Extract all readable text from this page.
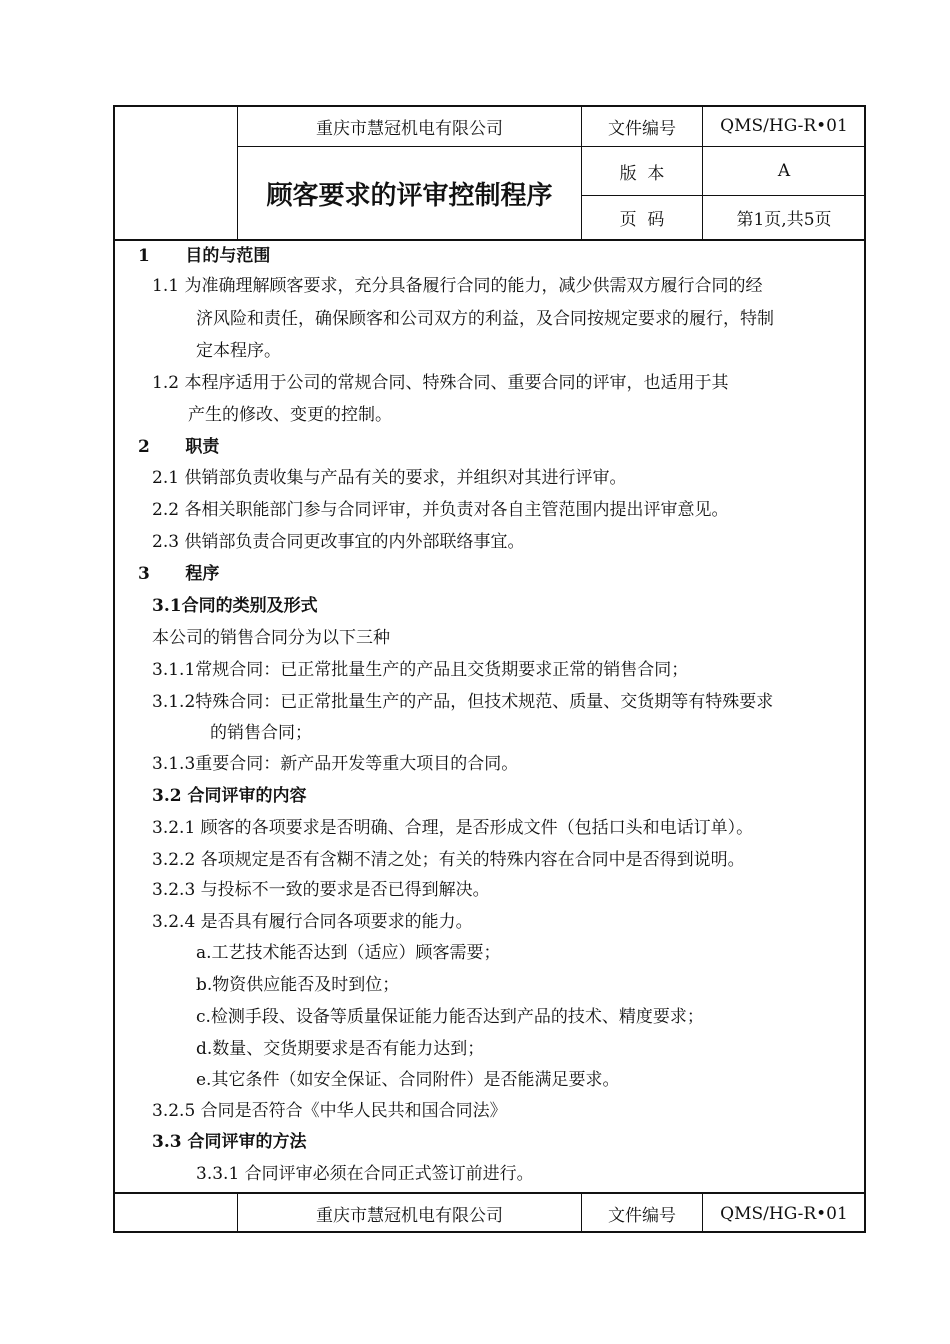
重庆市慧冠机电有限公司	文件编号	QMS/HG-R•01
顾客要求的评审控制程序
版  本	A
页  码	第1页,共5页
1      目的与范围
1.1 为准确理解顾客要求，充分具备履行合同的能力，减少供需双方履行合同的经
济风险和责任，确保顾客和公司双方的利益，及合同按规定要求的履行，特制
定本程序。
1.2 本程序适用于公司的常规合同、特殊合同、重要合同的评审，也适用于其
产生的修改、变更的控制。
2      职责
2.1 供销部负责收集与产品有关的要求，并组织对其进行评审。
2.2 各相关职能部门参与合同评审，并负责对各自主管范围内提出评审意见。
2.3 供销部负责合同更改事宜的内外部联络事宜。
3      程序
3.1合同的类别及形式
本公司的销售合同分为以下三种
3.1.1常规合同：已正常批量生产的产品且交货期要求正常的销售合同；
3.1.2特殊合同：已正常批量生产的产品，但技术规范、质量、交货期等有特殊要求
的销售合同；
3.1.3重要合同：新产品开发等重大项目的合同。
3.2 合同评审的内容
3.2.1 顾客的各项要求是否明确、合理，是否形成文件（包括口头和电话订单）。
3.2.2 各项规定是否有含糊不清之处；有关的特殊内容在合同中是否得到说明。
3.2.3 与投标不一致的要求是否已得到解决。
3.2.4 是否具有履行合同各项要求的能力。
a.工艺技术能否达到（适应）顾客需要；
b.物资供应能否及时到位；
c.检测手段、设备等质量保证能力能否达到产品的技术、精度要求；
d.数量、交货期要求是否有能力达到；
e.其它条件（如安全保证、合同附件）是否能满足要求。
3.2.5 合同是否符合《中华人民共和国合同法》
3.3 合同评审的方法
3.3.1 合同评审必须在合同正式签订前进行。
重庆市慧冠机电有限公司	文件编号	QMS/HG-R•01
